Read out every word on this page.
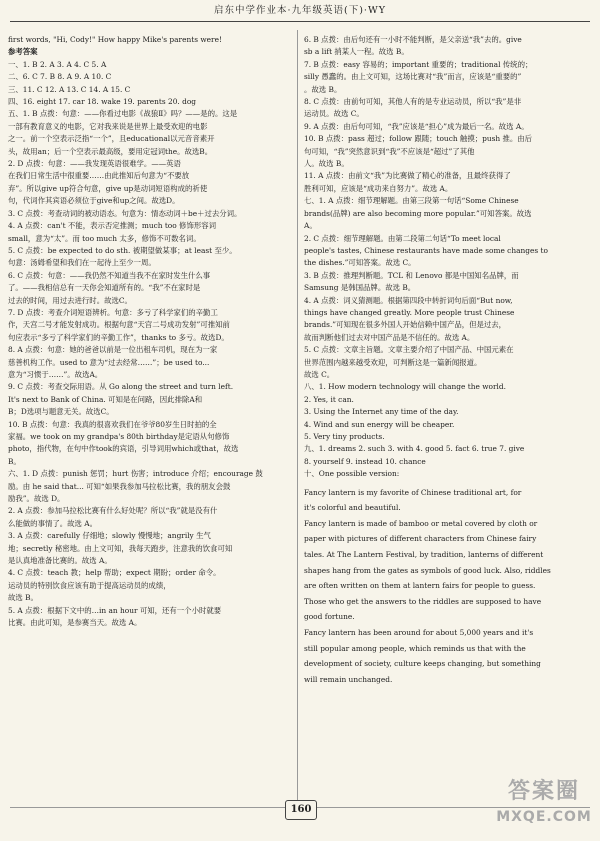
启东中学作业本·九年级英语(下)·WY
first words, "Hi, Cody!" How happy Mike's parents were!
参考答案
一、1. B 2. A 3. A 4. C 5. A
二、6. C 7. B 8. A 9. A 10. C
三、11. C 12. A 13. C 14. A 15. C
四、16. eight 17. car 18. wake 19. parents 20. dog
五、1. B 点拨：句意：——你看过电影《战狼Ⅱ》吗？——是的。这是
一部有教育意义的电影，它对我来说是世界上最受欢迎的电影
之一。前一个空表示泛指“一个”，且educational以元音音素开
头，故用an；后一个空表示最高级，要用定冠词the。故选B。
2. D 点拨：句意：——我发现英语很难学。——英语
在我们日常生活中很重要……由此推知后句意为“不要放
弃”。所以give up符合句意，give up是动词短语构成的祈使
句，代词作其宾语必须位于give和up之间。故选D。
3. C 点拨：考查动词的被动语态。句意为：情态动词＋be＋过去分词。
4. A 点拨：can't 不能，表示否定推测；much too 修饰形容词
small，意为“太”。而 too much 太多，修饰不可数名词。
5. C 点拨：be expected to do sth. 被期望做某事；at least 至少。
句意：汤姆希望和我们在一起待上至少一周。
6. C 点拨：句意：——我仍然不知道当我不在家时发生什么事
了。——我相信总有一天你会知道所有的。“我”不在家时是
过去的时间，用过去进行时。故选C。
7. D 点拨：考查介词短语辨析。句意：多亏了科学家们的辛勤工
作，天宫二号才能发射成功。根据句意“天宫二号成功发射”可推知前
句应表示“多亏了科学家们的辛勤工作”，thanks to 多亏。故选D。
8. A 点拨：句意：她的爸爸以前是一位出租车司机，现在为一家
慈善机构工作。used to 意为“过去经常……”；be used to...
意为“习惯于……”。故选A。
9. C 点拨：考查交际用语。从 Go along the street and turn left.
It's next to Bank of China. 可知是在问路，因此排除A和
B；D选项与题意无关。故选C。
10. B 点拨：句意：我真的很喜欢我们在爷爷80岁生日时拍的全
家福。we took on my grandpa's 80th birthday是定语从句修饰
photo，指代物，在句中作took的宾语，引导词用which或that，故选
B。
六、1. D 点拨：punish 惩罚；hurt 伤害；introduce 介绍；encourage 鼓
励。由 he said that... 可知“如果我参加马拉松比赛，我的朋友会鼓
励我”。故选 D。
2. A 点拨：参加马拉松比赛有什么好处呢？所以“我”就是没有什
么能做的事情了。故选 A。
3. A 点拨：carefully 仔细地；slowly 慢慢地；angrily 生气
地；secretly 秘密地。由上文可知，我每天跑步，注意我的饮食可知
是认真地准备比赛的。故选 A。
4. C 点拨：teach 教；help 帮助；expect 期盼；order 命令。
运动员的特别饮食应该有助于提高运动员的成绩，
故选 B。
5. A 点拨：根据下文中的…in an hour 可知，还有一个小时就要
比赛。由此可知，是参赛当天。故选 A。
6. B 点拨：由后句还有一小时不能判断，是父亲送“我”去的。give
sb a lift 捎某人一程。故选 B。
7. B 点拨：easy 容易的；important 重要的；traditional 传统的；
silly 愚蠢的。由上文可知，这场比赛对“我”而言，应该是“重要的”
。故选 B。
8. C 点拨：由前句可知，其他人有的是专业运动员，所以“我”是非
运动员。故选 C。
9. A 点拨：由后句可知，“我”应该是“担心”成为最后一名。故选 A。
10. B 点拨：pass 超过；follow 跟随；touch 触摸；push 推。由后
句可知，“我”突然意识到“我”不应该是“超过”了其他
人。故选 B。
11. A 点拨：由前文“我”为比赛做了精心的准备，且最终获得了
胜利可知，应该是“成功来自努力”。故选 A。
七、1. A 点拨：细节理解题。由第三段第一句话“Some Chinese
brands(品牌) are also becoming more popular.”可知答案。故选
A。
2. C 点拨：细节理解题。由第二段第二句话“To meet local
people's tastes, Chinese restaurants have made some changes to
the dishes.”可知答案。故选 C。
3. B 点拨：推理判断题。TCL 和 Lenovo 都是中国知名品牌，而
Samsung 是韩国品牌。故选 B。
4. A 点拨：词义猜测题。根据第四段中转折词句后面“But now,
things have changed greatly. More people trust Chinese
brands.”可知现在很多外国人开始信赖中国产品，但是过去，
故而判断他们过去对中国产品是不信任的。故选 A。
5. C 点拨：文章主旨题。文章主要介绍了中国产品、中国元素在
世界范围内越来越受欢迎，可判断这是一篇新闻报道。
故选 C。
八、1. How modern technology will change the world.
2. Yes, it can.
3. Using the Internet any time of the day.
4. Wind and sun energy will be cheaper.
5. Very tiny products.
九、1. dreams 2. such 3. with 4. good 5. fact 6. true 7. give
8. yourself 9. instead 10. chance
十、One possible version:
Fancy lantern is my favorite of Chinese traditional art, for
it's colorful and beautiful.
Fancy lantern is made of bamboo or metal covered by cloth or
paper with pictures of different characters from Chinese fairy
tales. At The Lantern Festival, by tradition, lanterns of different
shapes hang from the gates as symbols of good luck. Also, riddles
are often written on them at lantern fairs for people to guess.
Those who get the answers to the riddles are supposed to have
good fortune.
Fancy lantern has been around for about 5,000 years and it's
still popular among people, which reminds us that with the
development of society, culture keeps changing, but something
will remain unchanged.
160
答案圈
MXQE.COM
